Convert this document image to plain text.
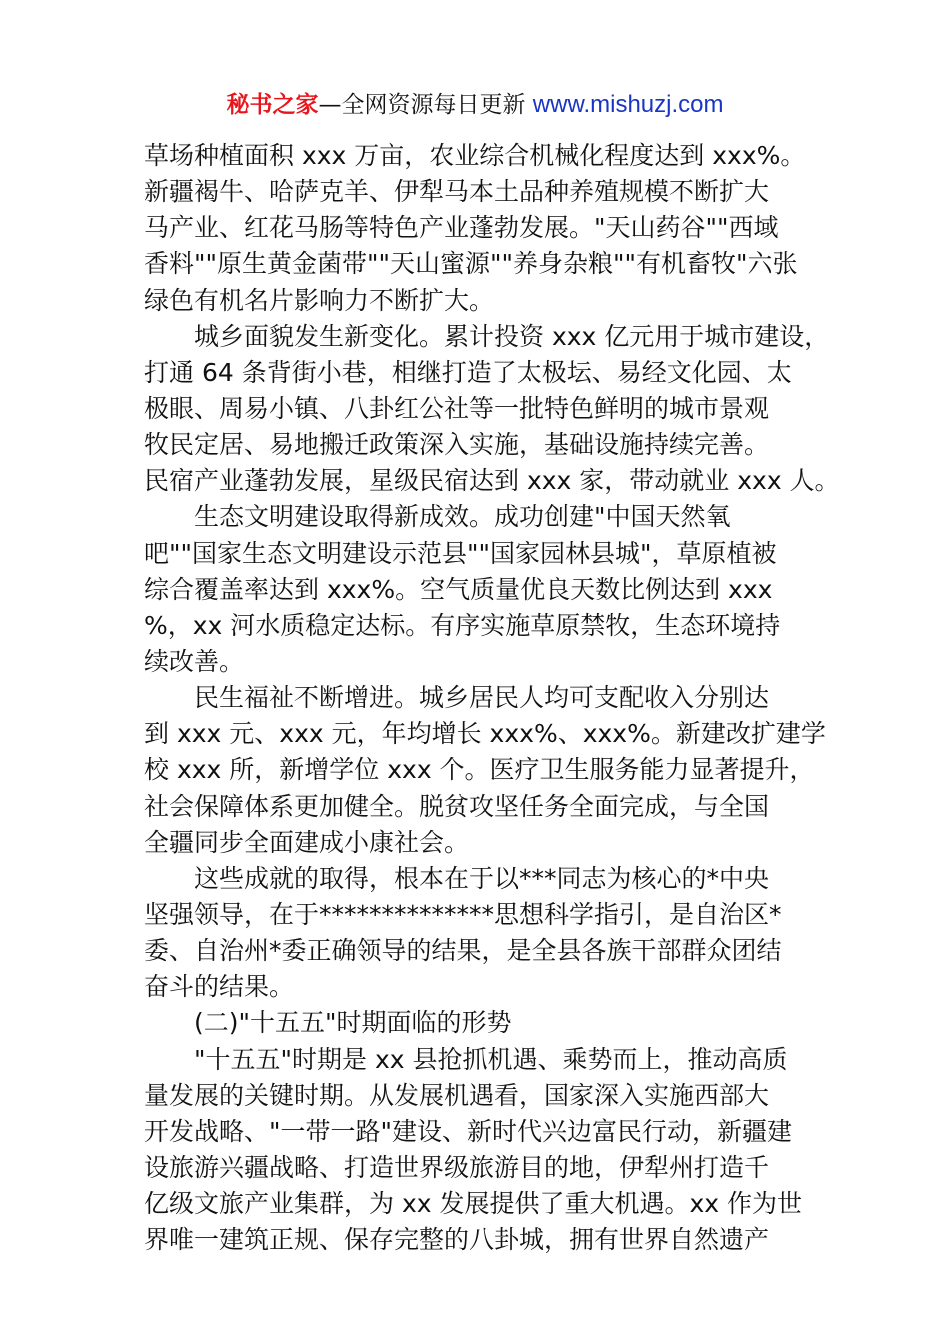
秘书之家—全网资源每日更新 www.mishuzj.com
草场种植面积 xxx 万亩，农业综合机械化程度达到 xxx%。
新疆褐牛、哈萨克羊、伊犁马本土品种养殖规模不断扩大
马产业、红花马肠等特色产业蓬勃发展。"天山药谷""西域
香料""原生黄金菌带""天山蜜源""养身杂粮""有机畜牧"六张
绿色有机名片影响力不断扩大。
城乡面貌发生新变化。累计投资 xxx 亿元用于城市建设，
打通 64 条背街小巷，相继打造了太极坛、易经文化园、太
极眼、周易小镇、八卦红公社等一批特色鲜明的城市景观
牧民定居、易地搬迁政策深入实施，基础设施持续完善。
民宿产业蓬勃发展，星级民宿达到 xxx 家，带动就业 xxx 人。
生态文明建设取得新成效。成功创建"中国天然氧
吧""国家生态文明建设示范县""国家园林县城"，草原植被
综合覆盖率达到 xxx%。空气质量优良天数比例达到 xxx
%，xx 河水质稳定达标。有序实施草原禁牧，生态环境持
续改善。
民生福祉不断增进。城乡居民人均可支配收入分别达
到 xxx 元、xxx 元，年均增长 xxx%、xxx%。新建改扩建学
校 xxx 所，新增学位 xxx 个。医疗卫生服务能力显著提升，
社会保障体系更加健全。脱贫攻坚任务全面完成，与全国
全疆同步全面建成小康社会。
这些成就的取得，根本在于以***同志为核心的*中央
坚强领导，在于**************思想科学指引，是自治区*
委、自治州*委正确领导的结果，是全县各族干部群众团结
奋斗的结果。
(二)"十五五"时期面临的形势
"十五五"时期是 xx 县抢抓机遇、乘势而上，推动高质
量发展的关键时期。从发展机遇看，国家深入实施西部大
开发战略、"一带一路"建设、新时代兴边富民行动，新疆建
设旅游兴疆战略、打造世界级旅游目的地，伊犁州打造千
亿级文旅产业集群，为 xx 发展提供了重大机遇。xx 作为世
界唯一建筑正规、保存完整的八卦城，拥有世界自然遗产
